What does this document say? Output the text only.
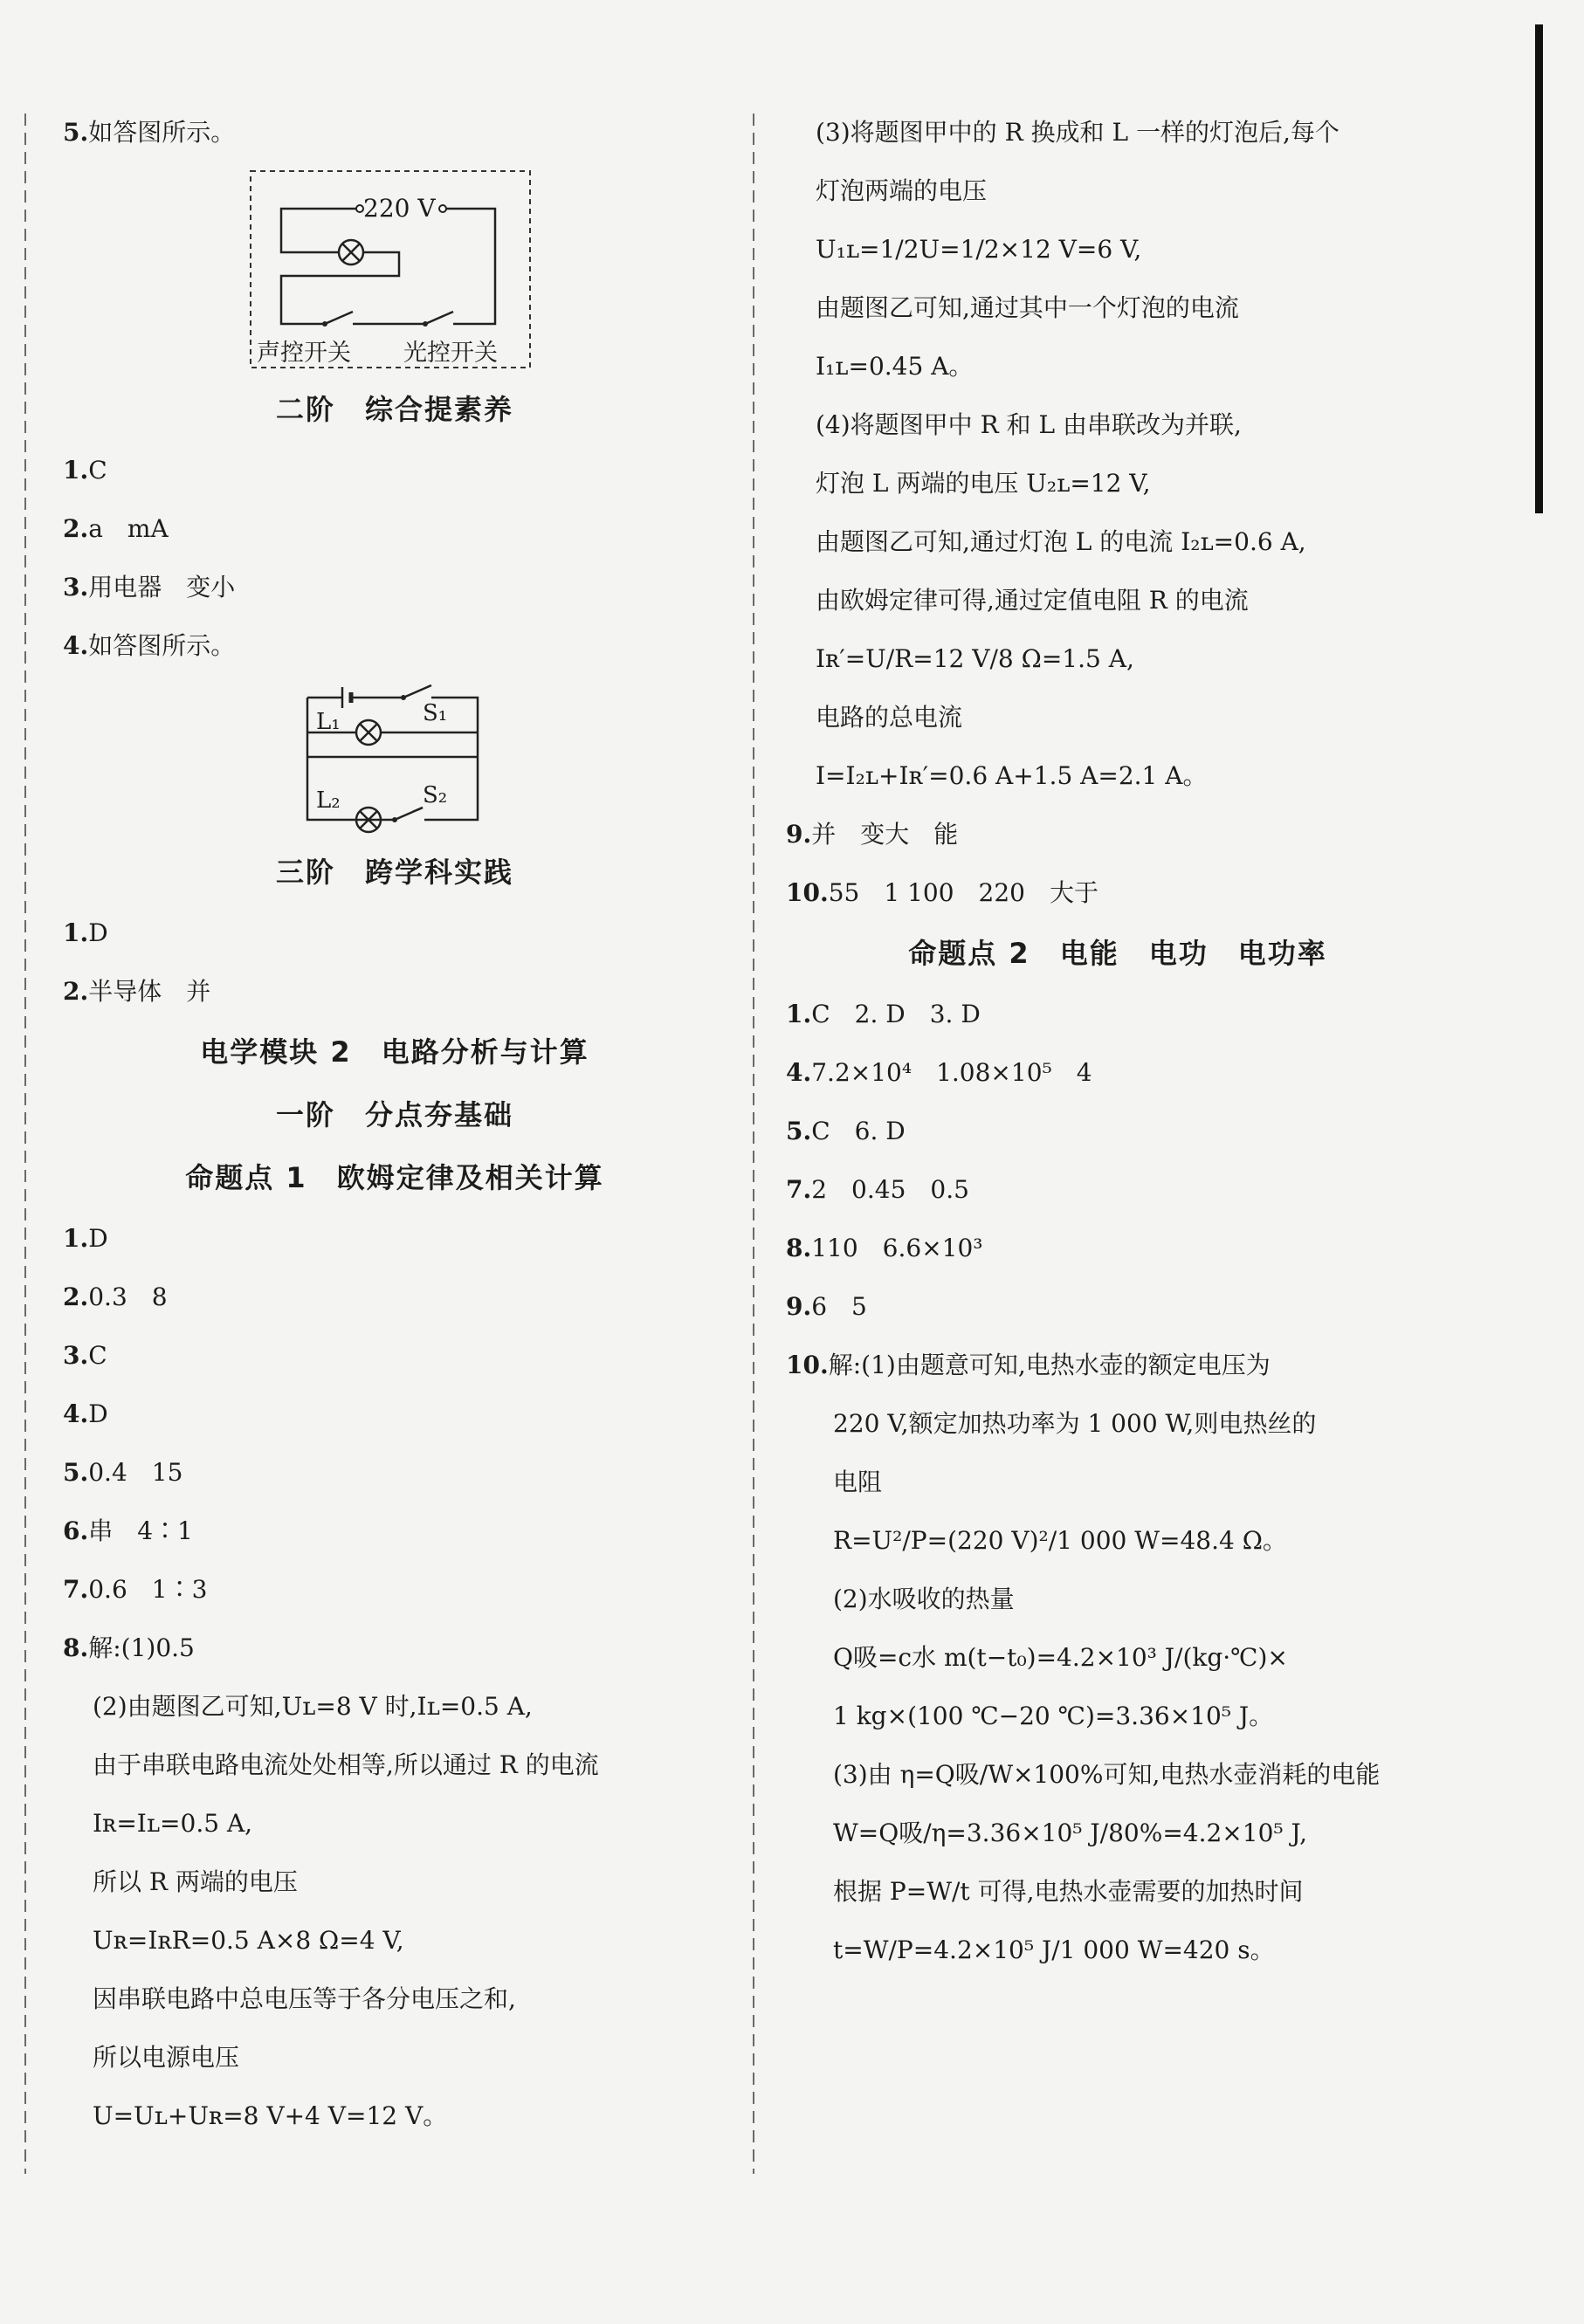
5.如答图所示。
220 V
声控开关 光控开关
二阶　综合提素养
1.C
2.a　mA
3.用电器　变小
4.如答图所示。
L₁	S₁
L₂	S₂
三阶　跨学科实践
1.D
2.半导体　并
电学模块 2　电路分析与计算
一阶　分点夯基础
命题点 1　欧姆定律及相关计算
1.D
2.0.3　8
3.C
4.D
5.0.4　15
6.串　4∶1
7.0.6　1∶3
8.解:(1)0.5
(2)由题图乙可知,Uʟ=8 V 时,Iʟ=0.5 A,
由于串联电路电流处处相等,所以通过 R 的电流
Iʀ=Iʟ=0.5 A,
所以 R 两端的电压
Uʀ=IʀR=0.5 A×8 Ω=4 V,
因串联电路中总电压等于各分电压之和,
所以电源电压
U=Uʟ+Uʀ=8 V+4 V=12 V。
(3)将题图甲中的 R 换成和 L 一样的灯泡后,每个
灯泡两端的电压
U₁ʟ=1/2U=1/2×12 V=6 V,
由题图乙可知,通过其中一个灯泡的电流
I₁ʟ=0.45 A。
(4)将题图甲中 R 和 L 由串联改为并联,
灯泡 L 两端的电压 U₂ʟ=12 V,
由题图乙可知,通过灯泡 L 的电流 I₂ʟ=0.6 A,
由欧姆定律可得,通过定值电阻 R 的电流
Iʀ′=U/R=12 V/8 Ω=1.5 A,
电路的总电流
I=I₂ʟ+Iʀ′=0.6 A+1.5 A=2.1 A。
9.并　变大　能
10.55　1 100　220　大于
命题点 2　电能　电功　电功率
1.C　2. D　3. D
4.7.2×10⁴　1.08×10⁵　4
5.C　6. D
7.2　0.45　0.5
8.110　6.6×10³
9.6　5
10.解:(1)由题意可知,电热水壶的额定电压为
220 V,额定加热功率为 1 000 W,则电热丝的
电阻
R=U²/P=(220 V)²/1 000 W=48.4 Ω。
(2)水吸收的热量
Q吸=c水 m(t−t₀)=4.2×10³ J/(kg·℃)×
1 kg×(100 ℃−20 ℃)=3.36×10⁵ J。
(3)由 η=Q吸/W×100%可知,电热水壶消耗的电能
W=Q吸/η=3.36×10⁵ J/80%=4.2×10⁵ J,
根据 P=W/t 可得,电热水壶需要的加热时间
t=W/P=4.2×10⁵ J/1 000 W=420 s。
